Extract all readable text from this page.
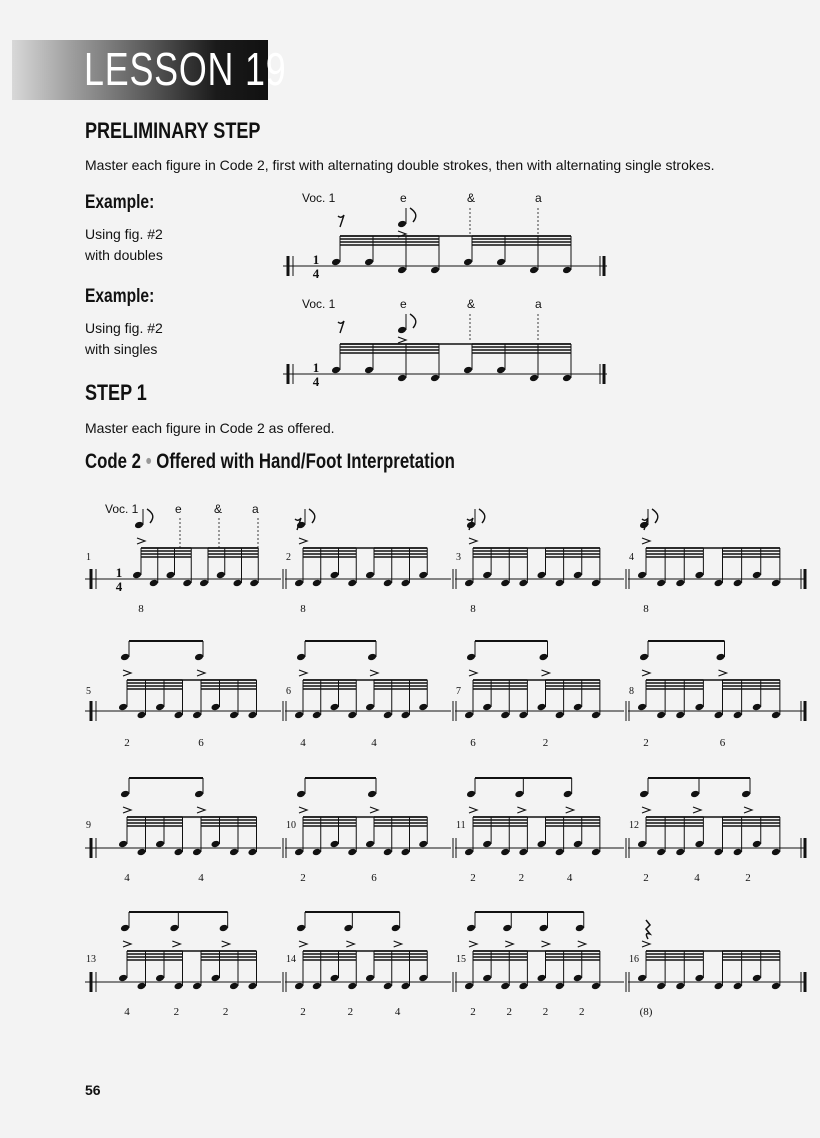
LESSON 19
PRELIMINARY STEP
Master each figure in Code 2, first with alternating double strokes, then with alternating single strokes.
Example:
Using fig. #2
with doubles
Example:
Using fig. #2
with singles
STEP 1
Master each figure in Code 2 as offered.
Code 2 • Offered with Hand/Foot Interpretation
Voc. 1	e	&	a
1
4
Voc. 1	e	&	a
1
4
Voc. 1	e	& a
1
1
4
8
2
8
3
8
4
8
5
2	6
6
4	4
7
6	2
8
2	6
9
4	4
10
2	6
11
2	2	4
12
2	4	2
13
4	2	2
14
2	2	4
15
2	2	2	2
16
(8)
56
